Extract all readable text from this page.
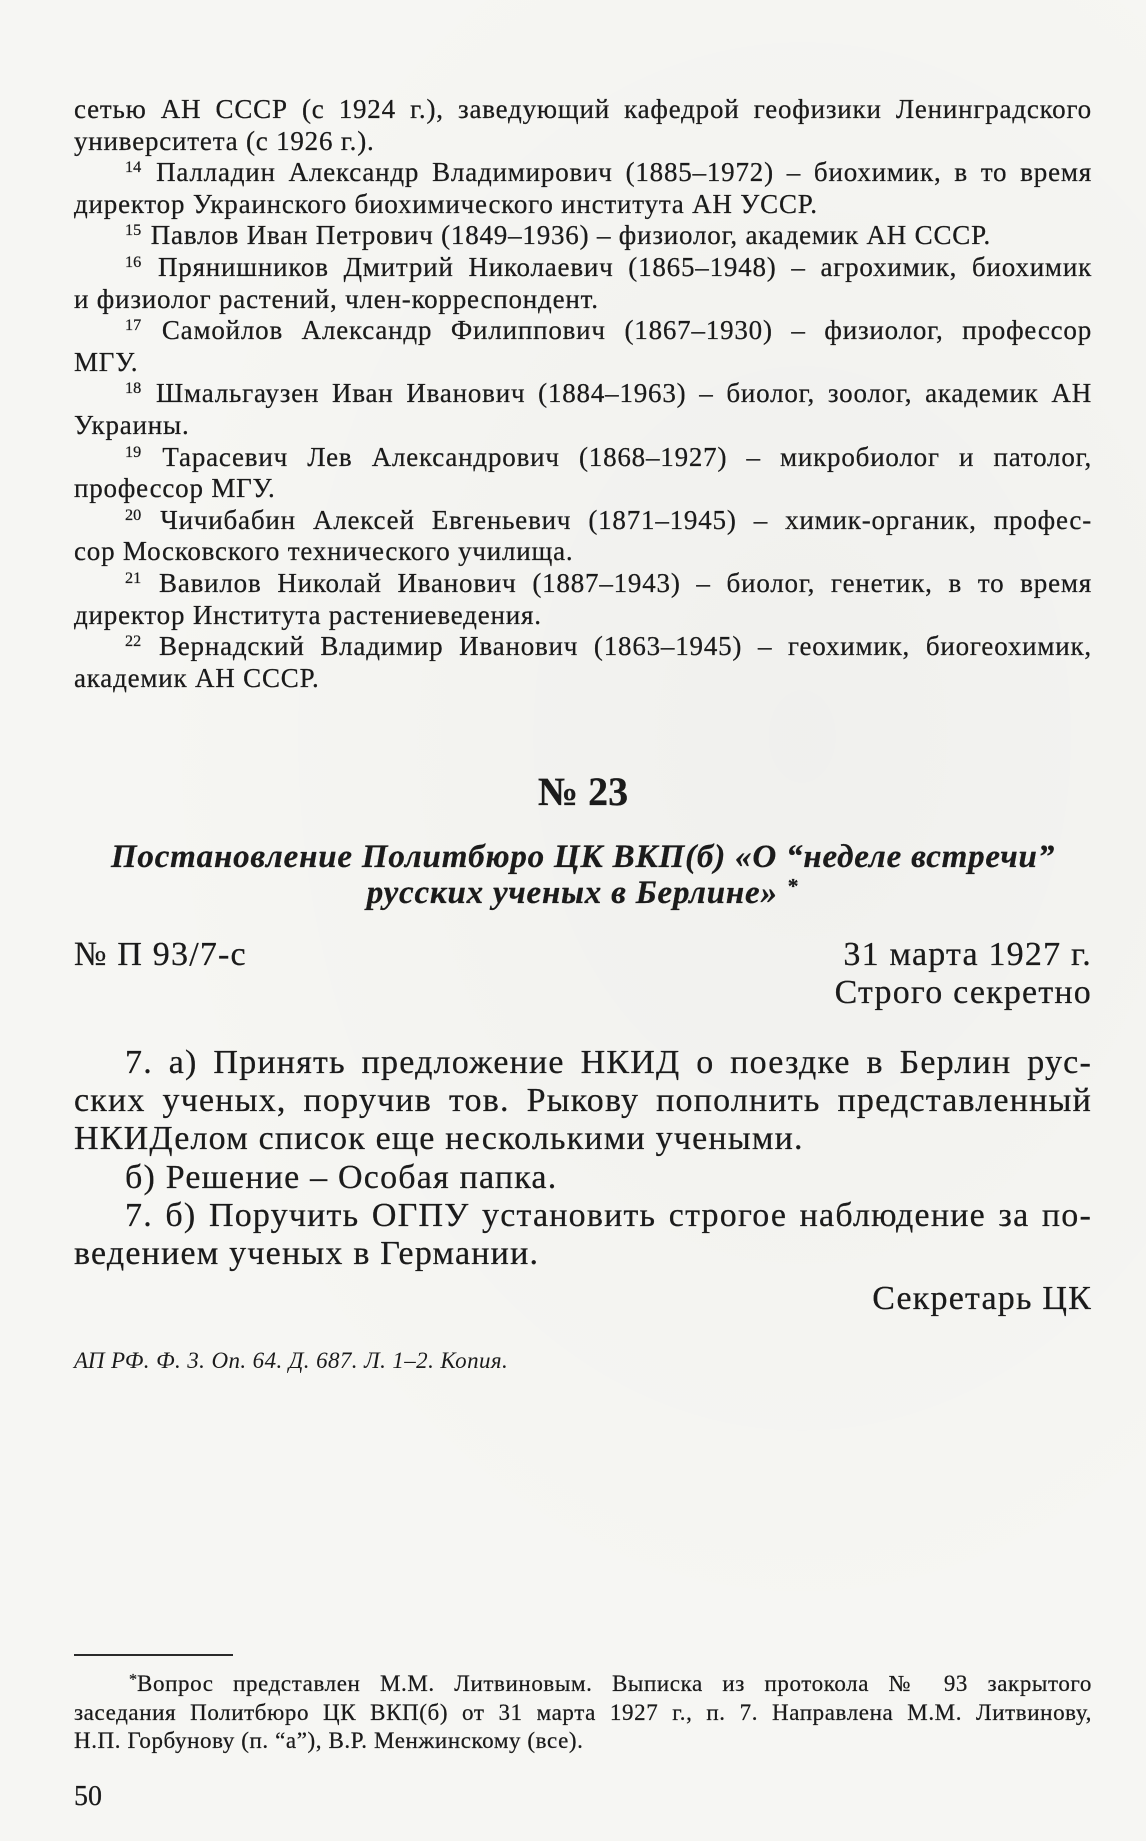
сетью АН СССР (с 1924 г.), заведующий кафедрой геофизики Ленинградского
университета (с 1926 г.).
$^{14}$ Палладин Александр Владимирович (1885–1972) – биохимик, в то время
директор Украинского биохимического института АН УССР.
$^{15}$ Павлов Иван Петрович (1849–1936) – физиолог, академик АН СССР.
$^{16}$ Прянишников Дмитрий Николаевич (1865–1948) – агрохимик, биохимик
и физиолог растений, член-корреспондент.
$^{17}$ Самойлов Александр Филиппович (1867–1930) – физиолог, профессор
МГУ.
$^{18}$ Шмальгаузен Иван Иванович (1884–1963) – биолог, зоолог, академик АН
Украины.
$^{19}$ Тарасевич Лев Александрович (1868–1927) – микробиолог и патолог,
профессор МГУ.
$^{20}$ Чичибабин Алексей Евгеньевич (1871–1945) – химик-органик, профес-
сор Московского технического училища.
$^{21}$ Вавилов Николай Иванович (1887–1943) – биолог, генетик, в то время
директор Института растениеведения.
$^{22}$ Вернадский Владимир Иванович (1863–1945) – геохимик, биогеохимик,
академик АН СССР.
№ 23
Постановление Политбюро ЦК ВКП(б) «О “неделе встречи”
русских ученых в Берлине» *
№ П 93/7-с	31 марта 1927 г.
Строго секретно
7. а) Принять предложение НКИД о поездке в Берлин рус-
ских ученых, поручив тов. Рыкову пополнить представленный
НКИДелом список еще несколькими учеными.
б) Решение – Особая папка.
7. б) Поручить ОГПУ установить строгое наблюдение за по-
ведением ученых в Германии.
Секретарь ЦК
АП РФ. Ф. 3. Оп. 64. Д. 687. Л. 1–2. Копия.
*Вопрос представлен М.М. Литвиновым. Выписка из протокола № 93 закрытого
заседания Политбюро ЦК ВКП(б) от 31 марта 1927 г., п. 7. Направлена М.М. Литвинову,
Н.П. Горбунову (п. “а”), В.Р. Менжинскому (все).
50
